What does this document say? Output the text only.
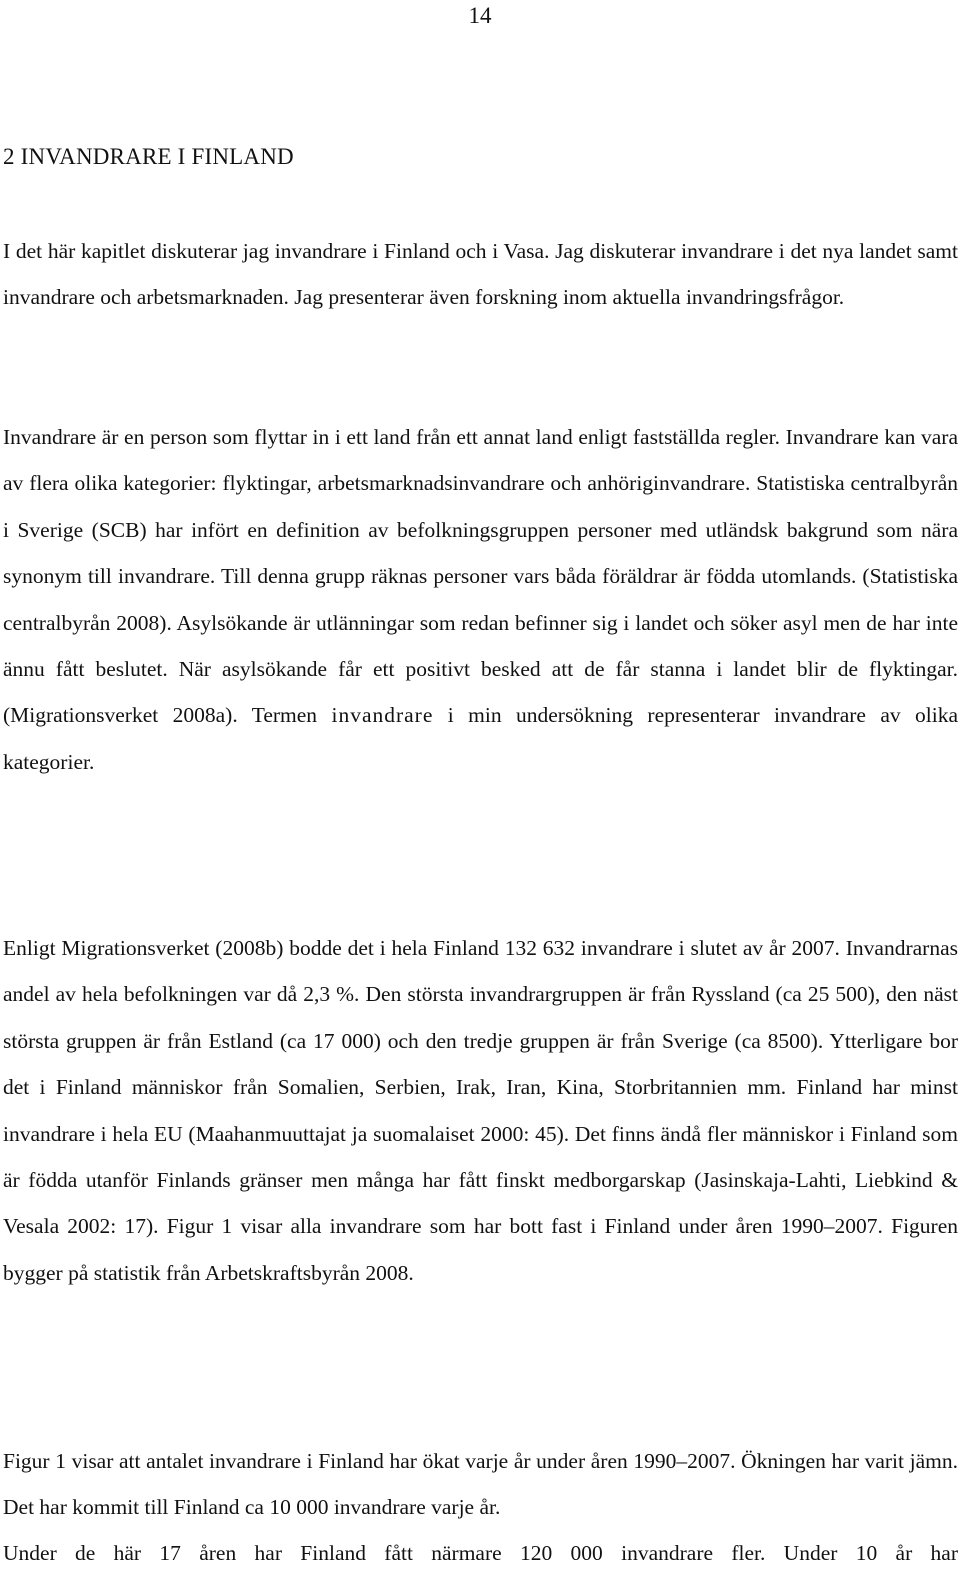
14
2 INVANDRARE I FINLAND

I det här kapitlet diskuterar jag invandrare i Finland och i Vasa. Jag diskuterar invandrare i det nya landet samt invandrare och arbetsmarknaden. Jag presenterar även forskning inom aktuella invandringsfrågor.

Invandrare är en person som flyttar in i ett land från ett annat land enligt fastställda regler. Invandrare kan vara av flera olika kategorier: flyktingar, arbetsmarknadsinvandrare och anhöriginvandrare. Statistiska centralbyrån i Sverige (SCB) har infört en definition av befolkningsgruppen personer med utländsk bakgrund som nära synonym till invandrare. Till denna grupp räknas personer vars båda föräldrar är födda utomlands. (Statistiska centralbyrån 2008). Asylsökande är utlänningar som redan befinner sig i landet och söker asyl men de har inte ännu fått beslutet. När asylsökande får ett positivt besked att de får stanna i landet blir de flyktingar. (Migrationsverket 2008a). Termen invandrare i min undersökning representerar invandrare av olika kategorier.

Enligt Migrationsverket (2008b) bodde det i hela Finland 132 632 invandrare i slutet av år 2007. Invandrarnas andel av hela befolkningen var då 2,3 %. Den största invandrargruppen är från Ryssland (ca 25 500), den näst största gruppen är från Estland (ca 17 000) och den tredje gruppen är från Sverige (ca 8500). Ytterligare bor det i Finland människor från Somalien, Serbien, Irak, Iran, Kina, Storbritannien mm. Finland har minst invandrare i hela EU (Maahanmuuttajat ja suomalaiset 2000: 45). Det finns ändå fler människor i Finland som är födda utanför Finlands gränser men många har fått finskt medborgarskap (Jasinskaja-Lahti, Liebkind & Vesala 2002: 17). Figur 1 visar alla invandrare som har bott fast i Finland under åren 1990–2007. Figuren bygger på statistik från Arbetskraftsbyrån 2008.

Figur 1 visar att antalet invandrare i Finland har ökat varje år under åren 1990–2007. Ökningen har varit jämn. Det har kommit till Finland ca 10 000 invandrare varje år.

Under de här 17 åren har Finland fått närmare 120 000 invandrare fler. Under 10 år har
